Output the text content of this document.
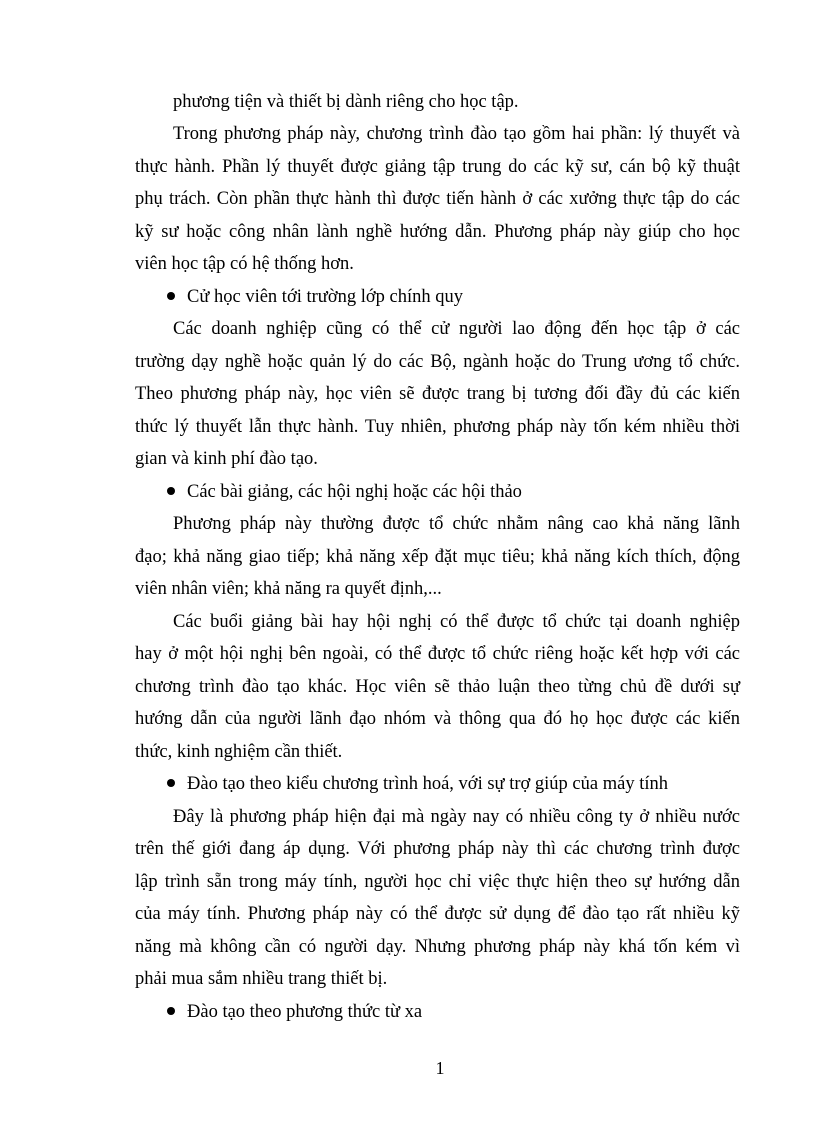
phương tiện và thiết bị dành riêng cho học tập.
Trong phương pháp này, chương trình đào tạo gồm hai phần: lý thuyết và
thực hành. Phần lý thuyết được giảng tập trung do các kỹ sư, cán bộ kỹ thuật
phụ trách. Còn phần thực hành thì được tiến hành ở các xưởng thực tập do các
kỹ sư hoặc công nhân lành nghề hướng dẫn. Phương pháp này giúp cho học
viên học tập có hệ thống hơn.
Cử học viên tới trường lớp chính quy
Các doanh nghiệp cũng có thể cử người lao động đến học tập ở các
trường dạy nghề hoặc quản lý do các Bộ, ngành hoặc do Trung ương tổ chức.
Theo phương pháp này, học viên sẽ được trang bị tương đối đầy đủ các kiến
thức lý thuyết lẫn thực hành. Tuy nhiên, phương pháp này tốn kém nhiều thời
gian và kinh phí đào tạo.
Các bài giảng, các hội nghị hoặc các hội thảo
Phương pháp này thường được tổ chức nhằm nâng cao khả năng lãnh
đạo; khả năng giao tiếp; khả năng xếp đặt mục tiêu; khả năng kích thích, động
viên nhân viên; khả năng ra quyết định,...
Các buổi giảng bài hay hội nghị có thể được tổ chức tại doanh nghiệp
hay ở một hội nghị bên ngoài, có thể được tổ chức riêng hoặc kết hợp với các
chương trình đào tạo khác. Học viên sẽ thảo luận theo từng chủ đề dưới sự
hướng dẫn của người lãnh đạo nhóm và thông qua đó họ học được các kiến
thức, kinh nghiệm cần thiết.
Đào tạo theo kiểu chương trình hoá, với sự trợ giúp của máy tính
Đây là phương pháp hiện đại mà ngày nay có nhiều công ty ở nhiều nước
trên thế giới đang áp dụng. Với phương pháp này thì các chương trình được
lập trình sẵn trong máy tính, người học chỉ việc thực hiện theo sự hướng dẫn
của máy tính. Phương pháp này có thể được sử dụng để đào tạo rất nhiều kỹ
năng mà không cần có người dạy. Nhưng phương pháp này khá tốn kém vì
phải mua sắm nhiều trang thiết bị.
Đào tạo theo phương thức từ xa
1
